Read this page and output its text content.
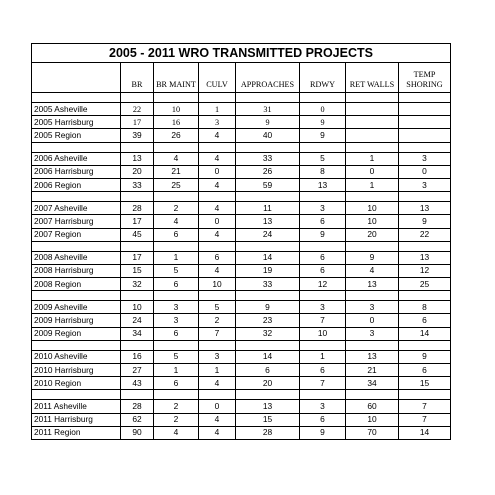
2005 - 2011 WRO TRANSMITTED PROJECTS							
	BR	BR MAINT	CULV	APPROACHES	RDWY	RET WALLS	TEMP SHORING

2005 Asheville	22	10	1	31	0		
2005 Harrisburg	17	16	3	9	9		
2005 Region	39	26	4	40	9		

2006 Asheville	13	4	4	33	5	1	3
2006 Harrisburg	20	21	0	26	8	0	0
2006 Region	33	25	4	59	13	1	3

2007 Asheville	28	2	4	11	3	10	13
2007 Harrisburg	17	4	0	13	6	10	9
2007 Region	45	6	4	24	9	20	22

2008 Asheville	17	1	6	14	6	9	13
2008 Harrisburg	15	5	4	19	6	4	12
2008 Region	32	6	10	33	12	13	25

2009 Asheville	10	3	5	9	3	3	8
2009 Harrisburg	24	3	2	23	7	0	6
2009 Region	34	6	7	32	10	3	14

2010 Asheville	16	5	3	14	1	13	9
2010 Harrisburg	27	1	1	6	6	21	6
2010 Region	43	6	4	20	7	34	15

2011 Asheville	28	2	0	13	3	60	7
2011 Harrisburg	62	2	4	15	6	10	7
2011 Region	90	4	4	28	9	70	14
